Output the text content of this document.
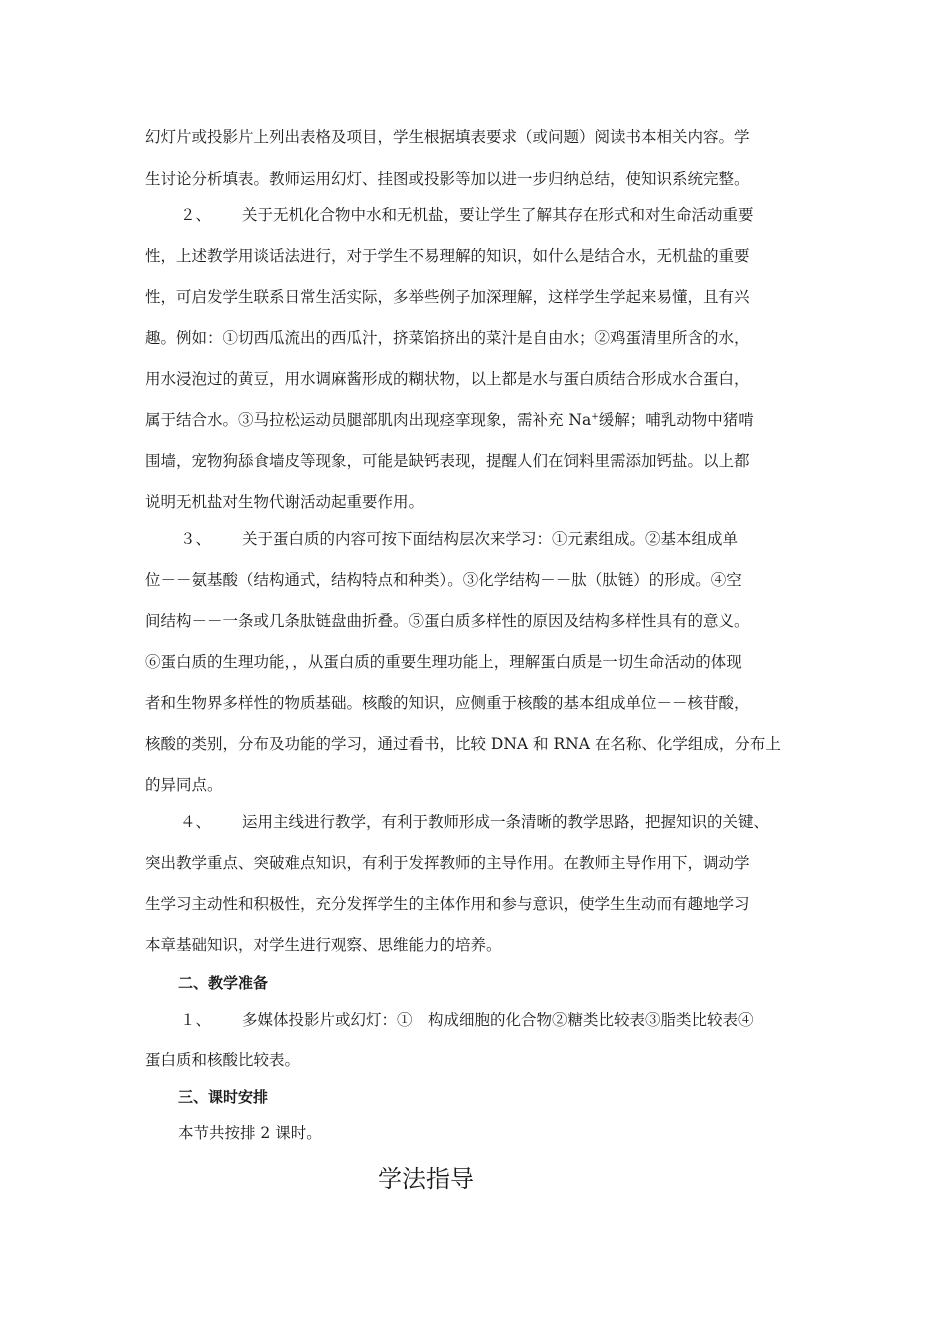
幻灯片或投影片上列出表格及项目，学生根据填表要求（或问题）阅读书本相关内容。学
生讨论分析填表。教师运用幻灯、挂图或投影等加以进一步归纳总结，使知识系统完整。
２、 关于无机化合物中水和无机盐，要让学生了解其存在形式和对生命活动重要
性，上述教学用谈话法进行，对于学生不易理解的知识，如什么是结合水，无机盐的重要
性，可启发学生联系日常生活实际，多举些例子加深理解，这样学生学起来易懂，且有兴
趣。例如：①切西瓜流出的西瓜汁，挤菜馅挤出的菜汁是自由水；②鸡蛋清里所含的水，
用水浸泡过的黄豆，用水调麻酱形成的糊状物，以上都是水与蛋白质结合形成水合蛋白，
属于结合水。③马拉松运动员腿部肌肉出现痉挛现象，需补充 Na+缓解；哺乳动物中猪啃
围墙，宠物狗舔食墙皮等现象，可能是缺钙表现，提醒人们在饲料里需添加钙盐。以上都
说明无机盐对生物代谢活动起重要作用。
３、 关于蛋白质的内容可按下面结构层次来学习：①元素组成。②基本组成单
位－－氨基酸（结构通式，结构特点和种类）。③化学结构－－肽（肽链）的形成。④空
间结构－－一条或几条肽链盘曲折叠。⑤蛋白质多样性的原因及结构多样性具有的意义。
⑥蛋白质的生理功能，，从蛋白质的重要生理功能上，理解蛋白质是一切生命活动的体现
者和生物界多样性的物质基础。核酸的知识，应侧重于核酸的基本组成单位－－核苷酸，
核酸的类别，分布及功能的学习，通过看书，比较 DNA 和 RNA 在名称、化学组成，分布上
的异同点。
４、 运用主线进行教学，有利于教师形成一条清晰的教学思路，把握知识的关键、
突出教学重点、突破难点知识，有利于发挥教师的主导作用。在教师主导作用下，调动学
生学习主动性和积极性，充分发挥学生的主体作用和参与意识，使学生生动而有趣地学习
本章基础知识，对学生进行观察、思维能力的培养。
二、教学准备
１、 多媒体投影片或幻灯：①　构成细胞的化合物②糖类比较表③脂类比较表④
蛋白质和核酸比较表。
三、课时安排
本节共按排 2 课时。
学法指导
